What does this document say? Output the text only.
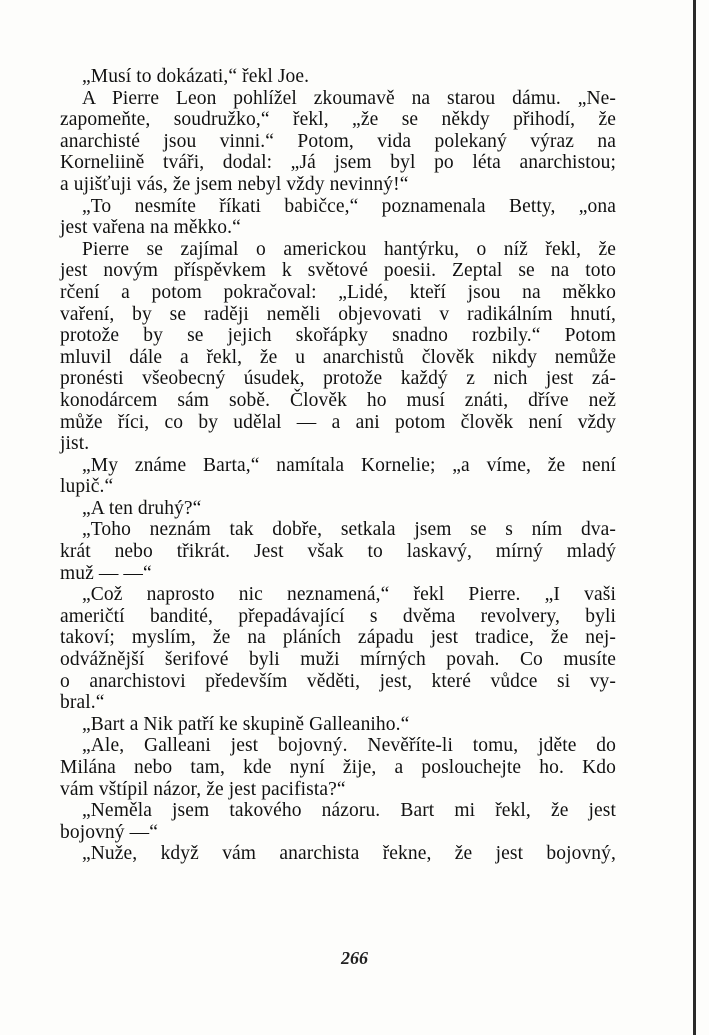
„Musí to dokázati,“ řekl Joe.
A Pierre Leon pohlížel zkoumavě na starou dámu. „Ne-
zapomeňte, soudružko,“ řekl, „že se někdy přihodí, že
anarchisté jsou vinni.“ Potom, vida polekaný výraz na
Korneliině tváři, dodal: „Já jsem byl po léta anarchistou;
a ujišťuji vás, že jsem nebyl vždy nevinný!“
„To nesmíte říkati babičce,“ poznamenala Betty, „ona
jest vařena na měkko.“
Pierre se zajímal o americkou hantýrku, o níž řekl, že
jest novým příspěvkem k světové poesii. Zeptal se na toto
rčení a potom pokračoval: „Lidé, kteří jsou na měkko
vaření, by se raději neměli objevovati v radikálním hnutí,
protože by se jejich skořápky snadno rozbily.“ Potom
mluvil dále a řekl, že u anarchistů člověk nikdy nemůže
pronésti všeobecný úsudek, protože každý z nich jest zá-
konodárcem sám sobě. Člověk ho musí znáti, dříve než
může říci, co by udělal — a ani potom člověk není vždy
jist.
„My známe Barta,“ namítala Kornelie; „a víme, že není
lupič.“
„A ten druhý?“
„Toho neznám tak dobře, setkala jsem se s ním dva-
krát nebo třikrát. Jest však to laskavý, mírný mladý
muž — —“
„Což naprosto nic neznamená,“ řekl Pierre. „I vaši
američtí bandité, přepadávající s dvěma revolvery, byli
takoví; myslím, že na pláních západu jest tradice, že nej-
odvážnější šerifové byli muži mírných povah. Co musíte
o anarchistovi především věděti, jest, které vůdce si vy-
bral.“
„Bart a Nik patří ke skupině Galleaniho.“
„Ale, Galleani jest bojovný. Nevěříte-li tomu, jděte do
Milána nebo tam, kde nyní žije, a poslouchejte ho. Kdo
vám vštípil názor, že jest pacifista?“
„Neměla jsem takového názoru. Bart mi řekl, že jest
bojovný —“
„Nuže, když vám anarchista řekne, že jest bojovný,
266
